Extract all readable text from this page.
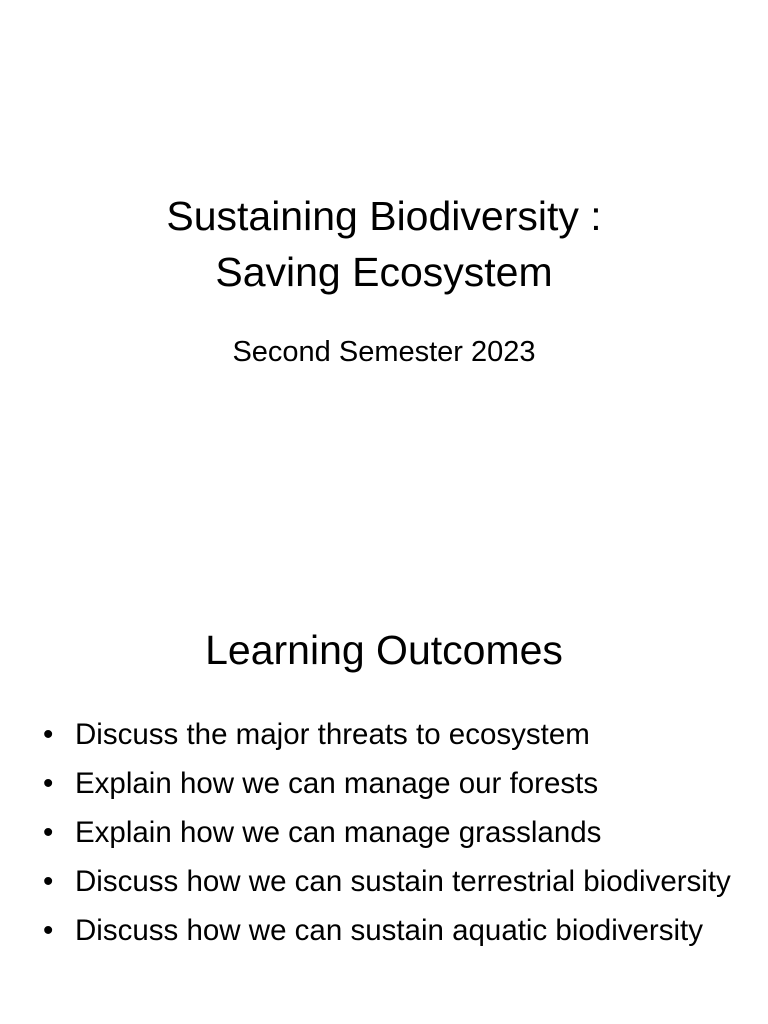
Sustaining Biodiversity :
Saving Ecosystem
Second Semester 2023
Learning Outcomes
• Discuss the major threats to ecosystem
• Explain how we can manage our forests
• Explain how we can manage grasslands
• Discuss how we can sustain terrestrial biodiversity
• Discuss how we can sustain aquatic biodiversity
